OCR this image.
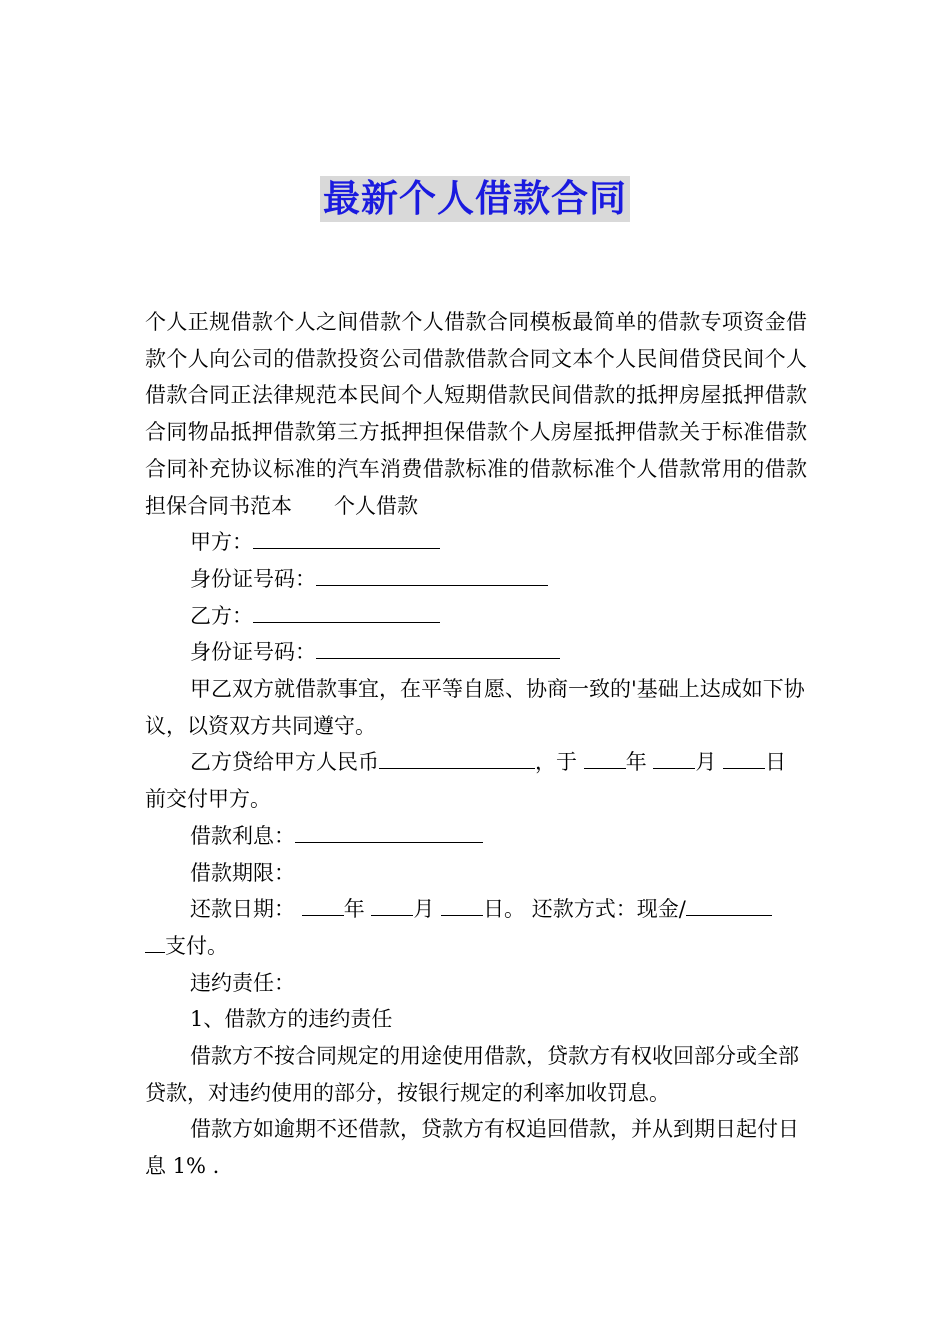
最新个人借款合同

个人正规借款个人之间借款个人借款合同模板最简单的借款专项资金借款个人向公司的借款投资公司借款借款合同文本个人民间借贷民间个人借款合同正法律规范本民间个人短期借款民间借款的抵押房屋抵押借款合同物品抵押借款第三方抵押担保借款个人房屋抵押借款关于标准借款合同补充协议标准的汽车消费借款标准的借款标准个人借款常用的借款担保合同书范本　　个人借款

甲方：

身份证号码：

乙方：

身份证号码：

甲乙双方就借款事宜，在平等自愿、协商一致的'基础上达成如下协议，以资双方共同遵守。

乙方贷给甲方人民币	，于 年 月 日
前交付甲方。

借款利息：

借款期限：

还款日期： 年 月 日。 还款方式：现金/
支付。

违约责任：

1、借款方的违约责任

借款方不按合同规定的用途使用借款，贷款方有权收回部分或全部贷款，对违约使用的部分，按银行规定的利率加收罚息。

借款方如逾期不还借款，贷款方有权追回借款，并从到期日起付日息 1% .
